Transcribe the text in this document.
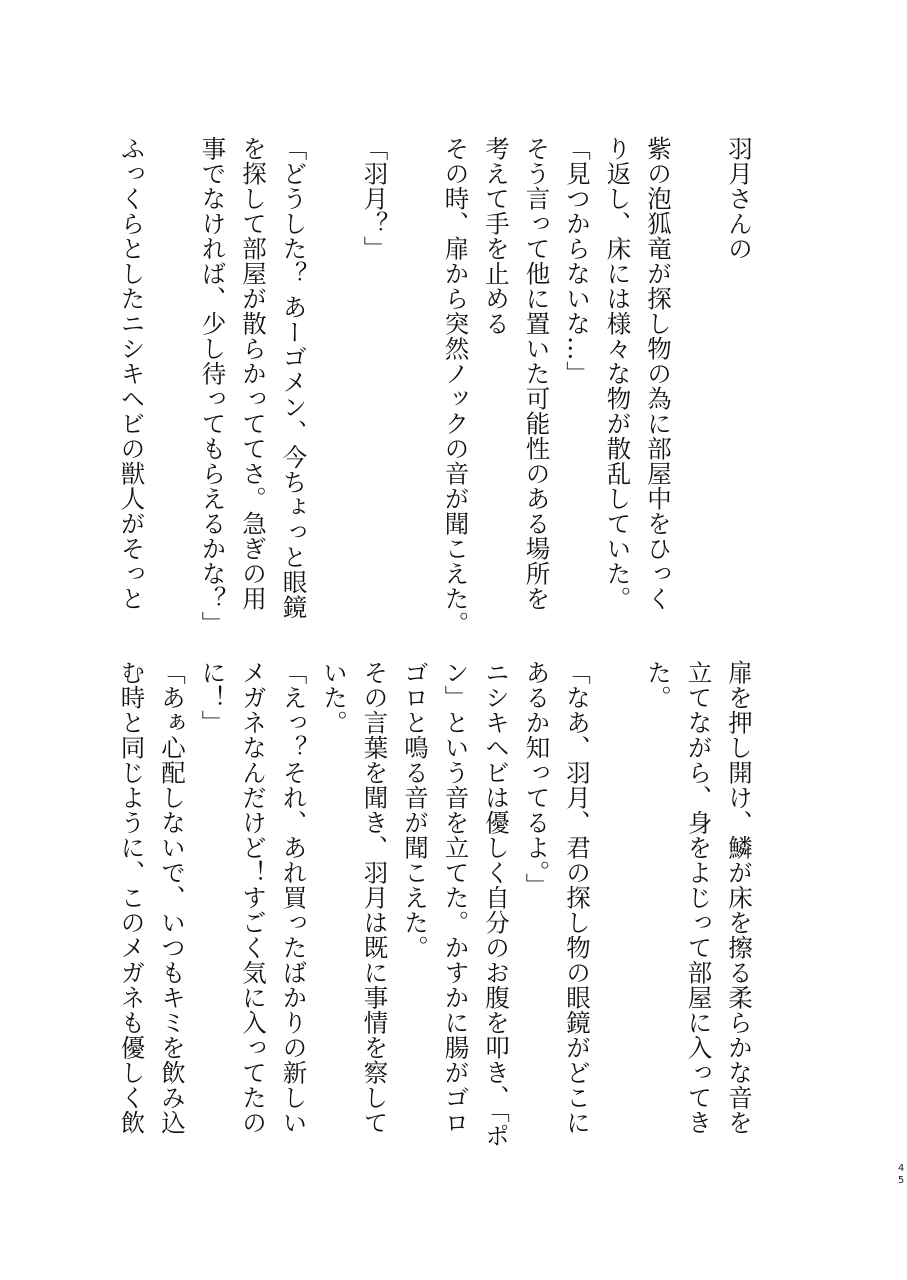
羽月さんの

紫の泡狐竜が探し物の為に部屋中をひっく
り返し、床には様々な物が散乱していた。
「見つからないな…」
そう言って他に置いた可能性のある場所を
考えて手を止める
その時、扉から突然ノックの音が聞こえた。

「羽月？」

「どうした？ あーゴメン、今ちょっと眼鏡
を探して部屋が散らかっててさ。急ぎの用
事でなければ、少し待ってもらえるかな？」

ふっくらとしたニシキヘビの獣人がそっと
扉を押し開け、鱗が床を擦る柔らかな音を
立てながら、身をよじって部屋に入ってき
た。

「なあ、羽月、君の探し物の眼鏡がどこに
あるか知ってるよ。」
ニシキヘビは優しく自分のお腹を叩き、「ポ
ン」という音を立てた。かすかに腸がゴロ
ゴロと鳴る音が聞こえた。
その言葉を聞き、羽月は既に事情を察して
いた。
「えっ？それ、あれ買ったばかりの新しい
メガネなんだけど！すごく気に入ってたの
に！」
「あぁ心配しないで、いつもキミを飲み込
む時と同じように、このメガネも優しく飲
4
5
